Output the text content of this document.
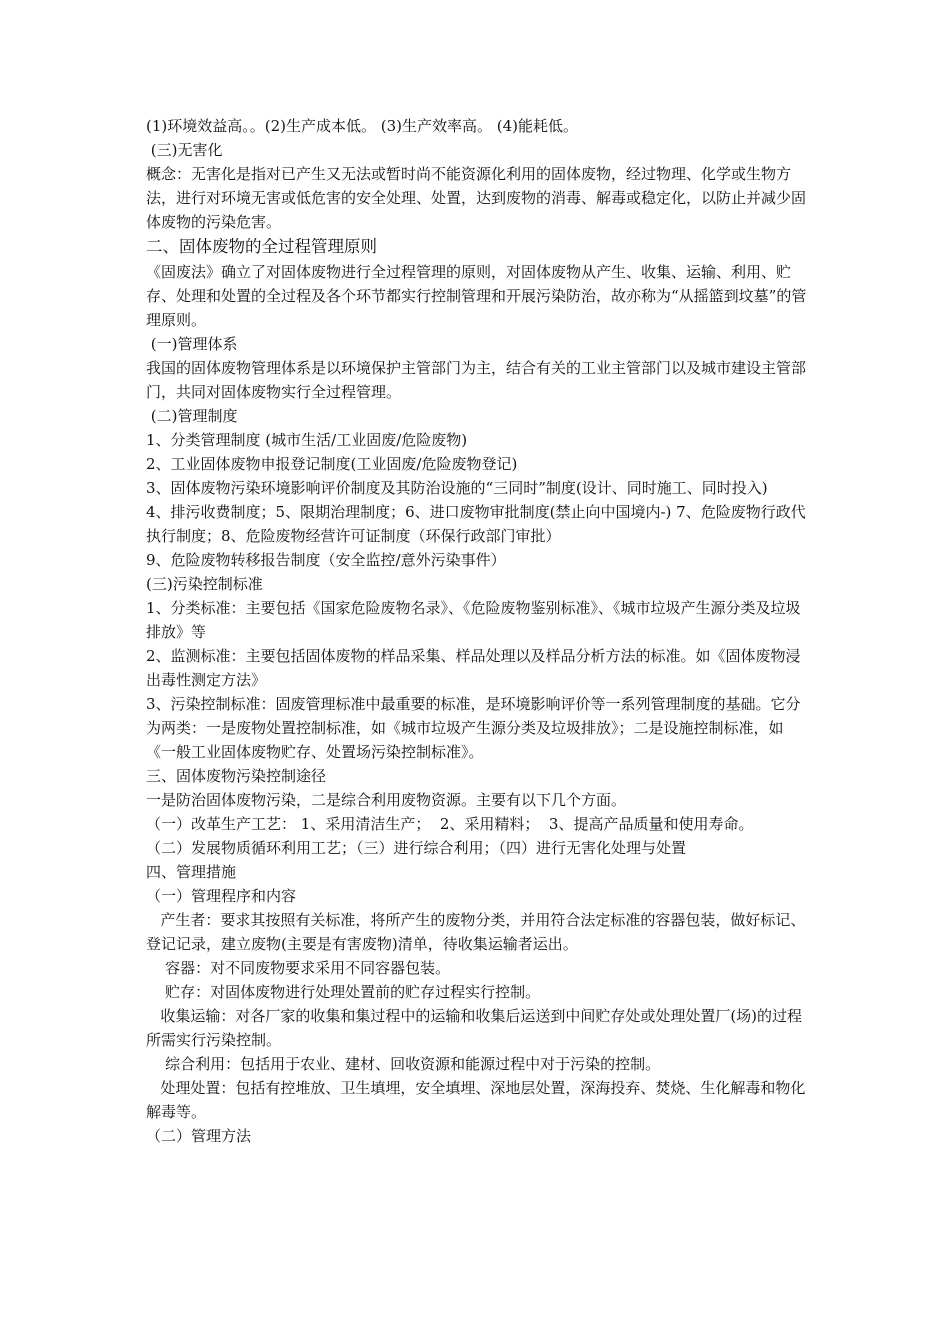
(1)环境效益高。。(2)生产成本低。 (3)生产效率高。 (4)能耗低。

(三)无害化

概念：无害化是指对已产生又无法或暂时尚不能资源化利用的固体废物，经过物理、化学或生物方法，进行对环境无害或低危害的安全处理、处置，达到废物的消毒、解毒或稳定化，以防止并减少固体废物的污染危害。

二、固体废物的全过程管理原则

《固废法》确立了对固体废物进行全过程管理的原则，对固体废物从产生、收集、运输、利用、贮存、处理和处置的全过程及各个环节都实行控制管理和开展污染防治，故亦称为“从摇篮到坟墓”的管理原则。

(一)管理体系

我国的固体废物管理体系是以环境保护主管部门为主，结合有关的工业主管部门以及城市建设主管部门，共同对固体废物实行全过程管理。

(二)管理制度

1、分类管理制度 (城市生活/工业固废/危险废物)

2、工业固体废物申报登记制度(工业固废/危险废物登记)

3、固体废物污染环境影响评价制度及其防治设施的“三同时”制度(设计、同时施工、同时投入)

4、排污收费制度；5、限期治理制度；6、进口废物审批制度(禁止向中国境内-) 7、危险废物行政代执行制度；8、危险废物经营许可证制度（环保行政部门审批）

9、危险废物转移报告制度（安全监控/意外污染事件）

(三)污染控制标准

1、分类标准：主要包括《国家危险废物名录》、《危险废物鉴别标准》、《城市垃圾产生源分类及垃圾排放》等

2、监测标准：主要包括固体废物的样品采集、样品处理以及样品分析方法的标准。如《固体废物浸出毒性测定方法》

3、污染控制标准：固废管理标准中最重要的标准，是环境影响评价等一系列管理制度的基础。它分为两类：一是废物处置控制标准，如《城市垃圾产生源分类及垃圾排放》；二是设施控制标准，如《一般工业固体废物贮存、处置场污染控制标准》。

三、固体废物污染控制途径

一是防治固体废物污染，二是综合利用废物资源。主要有以下几个方面。

（一）改革生产工艺： 1、采用清洁生产；  2、采用精料；  3、提高产品质量和使用寿命。

（二）发展物质循环利用工艺；（三）进行综合利用；（四）进行无害化处理与处置

四、管理措施

（一）管理程序和内容

产生者：要求其按照有关标准，将所产生的废物分类，并用符合法定标准的容器包装，做好标记、登记记录，建立废物(主要是有害废物)清单，待收集运输者运出。

容器：对不同废物要求采用不同容器包装。

贮存：对固体废物进行处理处置前的贮存过程实行控制。

收集运输：对各厂家的收集和集过程中的运输和收集后运送到中间贮存处或处理处置厂(场)的过程所需实行污染控制。

综合利用：包括用于农业、建材、回收资源和能源过程中对于污染的控制。

处理处置：包括有控堆放、卫生填埋，安全填埋、深地层处置，深海投弃、焚烧、生化解毒和物化解毒等。

（二）管理方法
